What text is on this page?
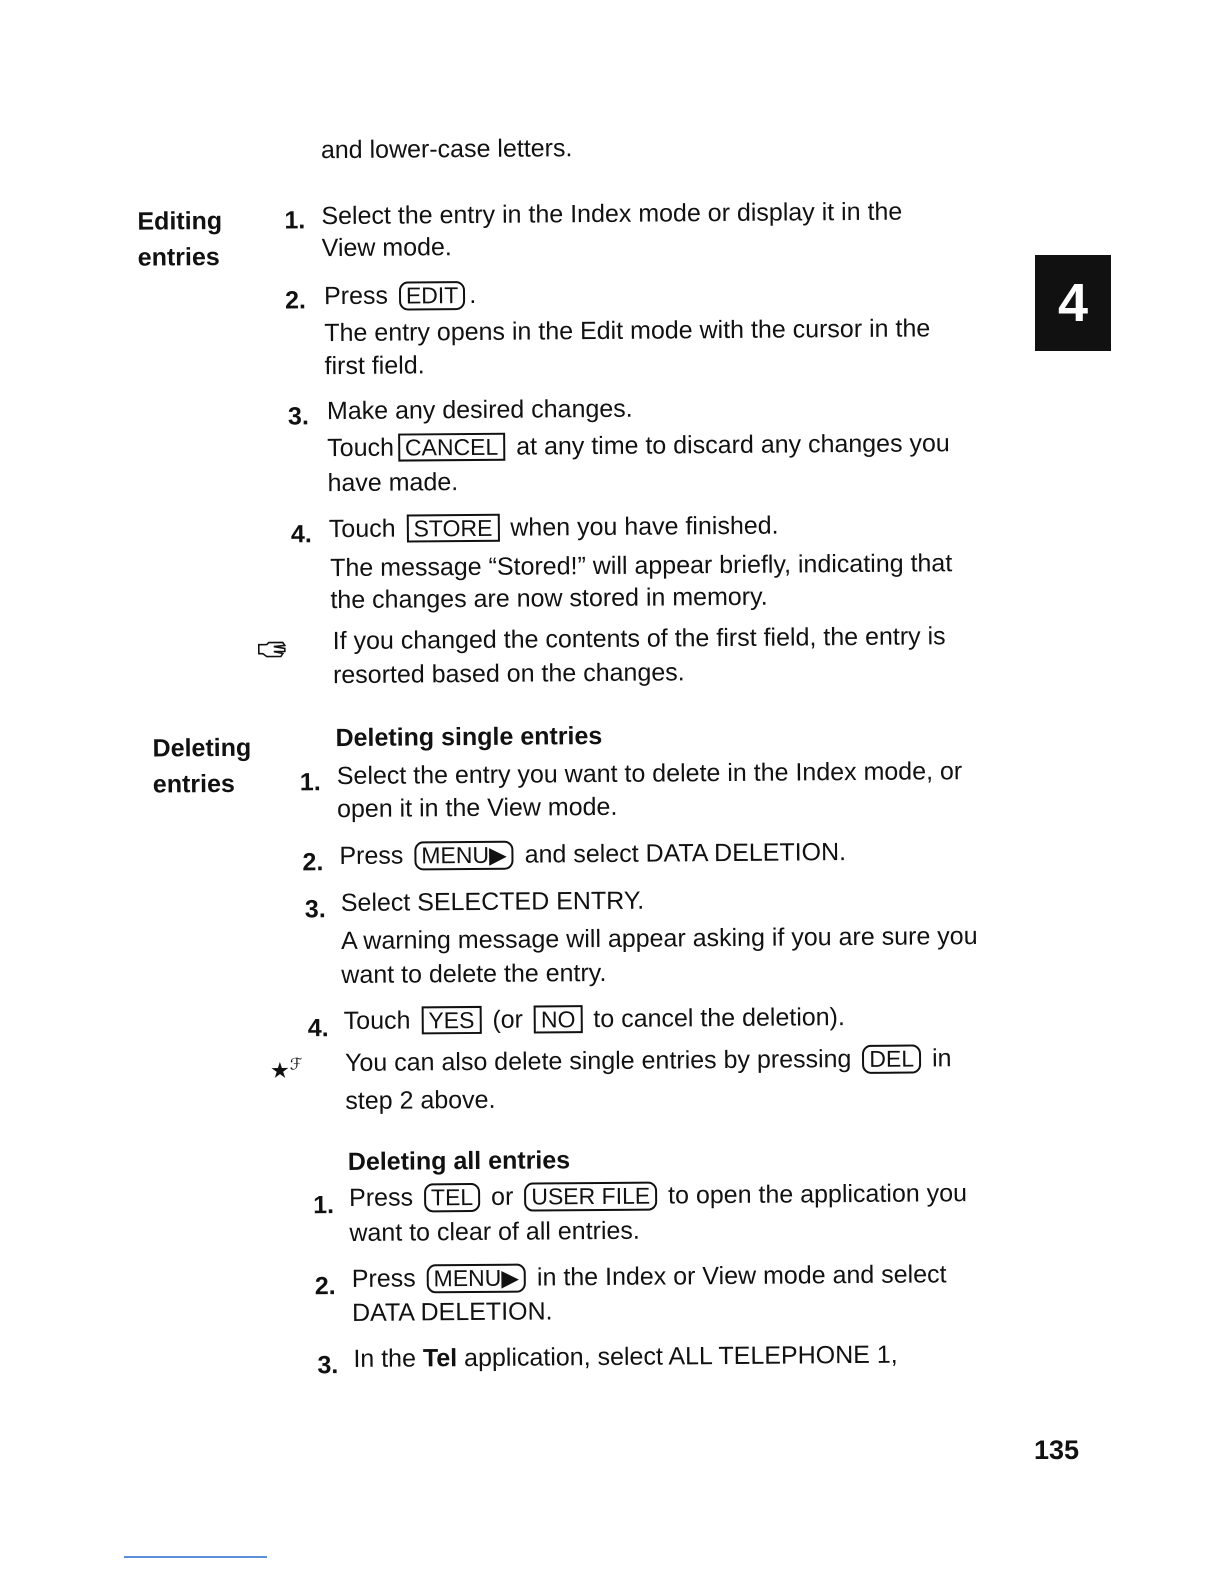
and lower-case letters.
Editing
entries
1. Select the entry in the Index mode or display it in the
View mode.
2. Press EDIT .
The entry opens in the Edit mode with the cursor in the
first field.
3. Make any desired changes.
Touch CANCEL at any time to discard any changes you
have made.
4. Touch STORE when you have finished.
The message “Stored!” will appear briefly, indicating that
the changes are now stored in memory.
If you changed the contents of the first field, the entry is
resorted based on the changes.
Deleting
entries
Deleting single entries
1. Select the entry you want to delete in the Index mode, or
open it in the View mode.
2. Press MENU▶ and select DATA DELETION.
3. Select SELECTED ENTRY.
A warning message will appear asking if you are sure you
want to delete the entry.
4. Touch YES (or NO to cancel the deletion).
★$^ℱ$ You can also delete single entries by pressing DEL in
step 2 above.
Deleting all entries
1. Press TEL or USER FILE to open the application you
want to clear of all entries.
2. Press MENU▶ in the Index or View mode and select
DATA DELETION.
3. In the Tel application, select ALL TELEPHONE 1,
4
135
